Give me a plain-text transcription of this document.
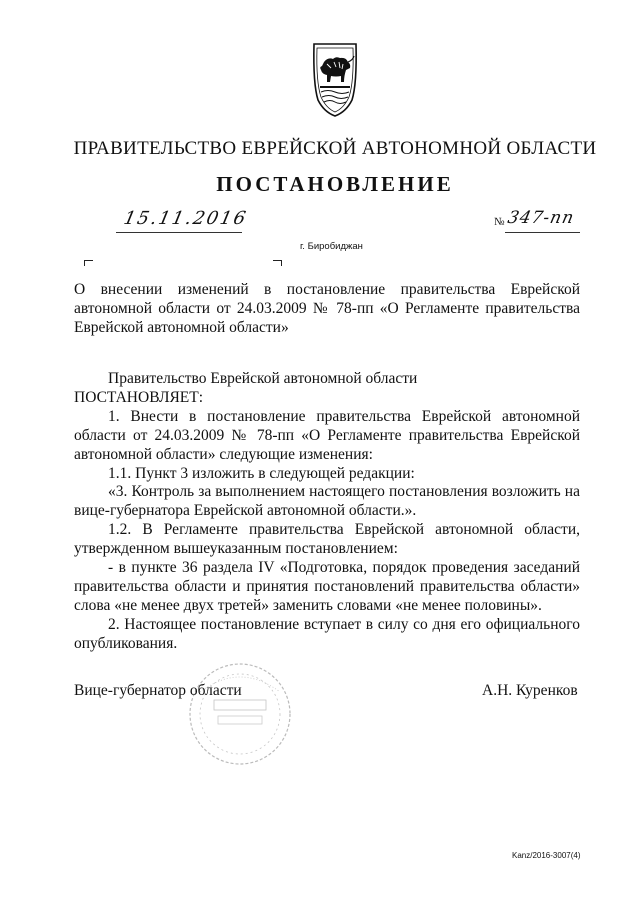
ПРАВИТЕЛЬСТВО ЕВРЕЙСКОЙ АВТОНОМНОЙ ОБЛАСТИ
ПОСТАНОВЛЕНИЕ
15.11.2016	№ 347-пп
г. Биробиджан
О внесении изменений в постановление правительства Еврейской автономной области от 24.03.2009 № 78-пп «О Регламенте правительства Еврейской автономной области»

Правительство Еврейской автономной области

ПОСТАНОВЛЯЕТ:

1. Внести в постановление правительства Еврейской автономной области от 24.03.2009 № 78-пп «О Регламенте правительства Еврейской автономной области» следующие изменения:

1.1. Пункт 3 изложить в следующей редакции:

«3. Контроль за выполнением настоящего постановления возложить на вице-губернатора Еврейской автономной области.».

1.2. В Регламенте правительства Еврейской автономной области, утвержденном вышеуказанным постановлением:

- в пункте 36 раздела IV «Подготовка, порядок проведения заседаний правительства области и принятия постановлений правительства области» слова «не менее двух третей» заменить словами «не менее половины».

2. Настоящее постановление вступает в силу со дня его официального опубликования.

Вице-губернатор области	А.Н. Куренков
Kanz/2016-3007(4)
